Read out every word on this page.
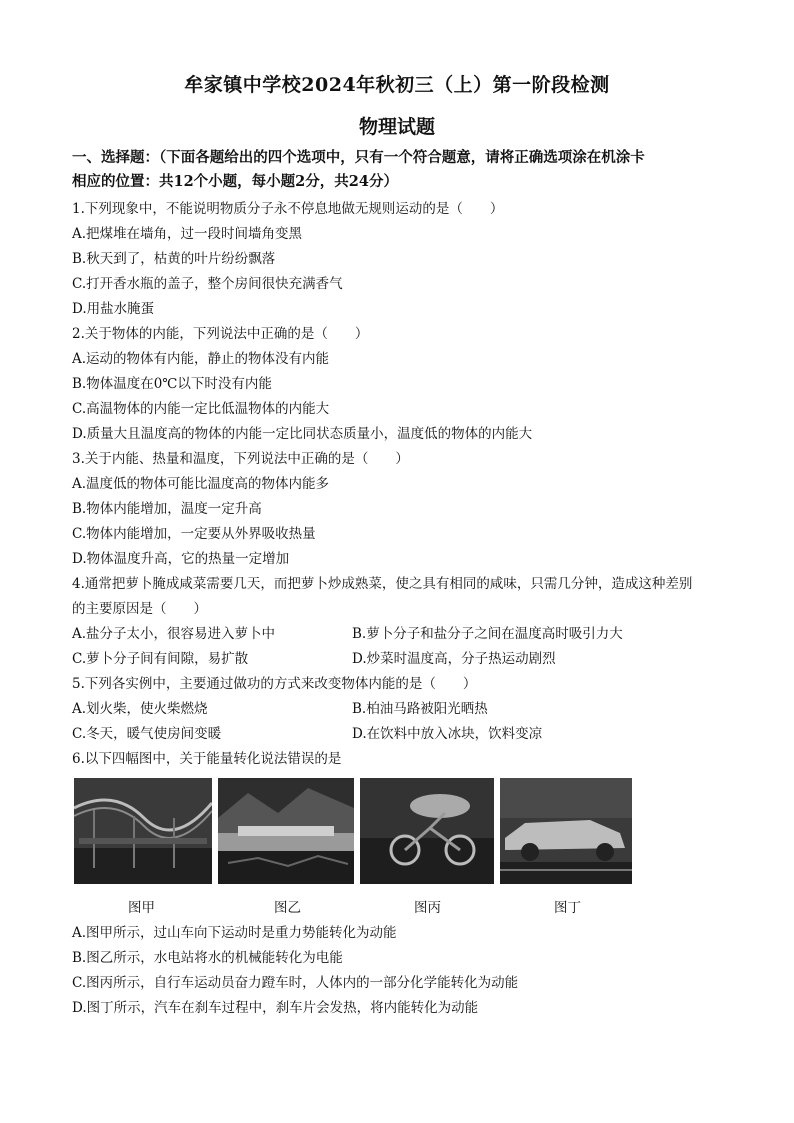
牟家镇中学校2024年秋初三（上）第一阶段检测
物理试题
一、选择题：（下面各题给出的四个选项中，只有一个符合题意，请将正确选项涂在机涂卡
相应的位置：共12个小题，每小题2分，共24分）
1.下列现象中，不能说明物质分子永不停息地做无规则运动的是（　　）
A.把煤堆在墙角，过一段时间墙角变黑
B.秋天到了，枯黄的叶片纷纷飘落
C.打开香水瓶的盖子，整个房间很快充满香气
D.用盐水腌蛋
2.关于物体的内能，下列说法中正确的是（　　）
A.运动的物体有内能，静止的物体没有内能
B.物体温度在0℃以下时没有内能
C.高温物体的内能一定比低温物体的内能大
D.质量大且温度高的物体的内能一定比同状态质量小，温度低的物体的内能大
3.关于内能、热量和温度，下列说法中正确的是（　　）
A.温度低的物体可能比温度高的物体内能多
B.物体内能增加，温度一定升高
C.物体内能增加，一定要从外界吸收热量
D.物体温度升高，它的热量一定增加
4.通常把萝卜腌成咸菜需要几天，而把萝卜炒成熟菜，使之具有相同的咸味，只需几分钟，造成这种差别
的主要原因是（　　）
A.盐分子太小，很容易进入萝卜中	B.萝卜分子和盐分子之间在温度高时吸引力大
C.萝卜分子间有间隙，易扩散	D.炒菜时温度高，分子热运动剧烈
5.下列各实例中，主要通过做功的方式来改变物体内能的是（　　）
A.划火柴，使火柴燃烧	B.柏油马路被阳光晒热
C.冬天，暖气使房间变暖	D.在饮料中放入冰块，饮料变凉
6.以下四幅图中，关于能量转化说法错误的是
图甲	图乙	图丙	图丁
A.图甲所示，过山车向下运动时是重力势能转化为动能
B.图乙所示，水电站将水的机械能转化为电能
C.图丙所示，自行车运动员奋力蹬车时，人体内的一部分化学能转化为动能
D.图丁所示，汽车在刹车过程中，刹车片会发热，将内能转化为动能
